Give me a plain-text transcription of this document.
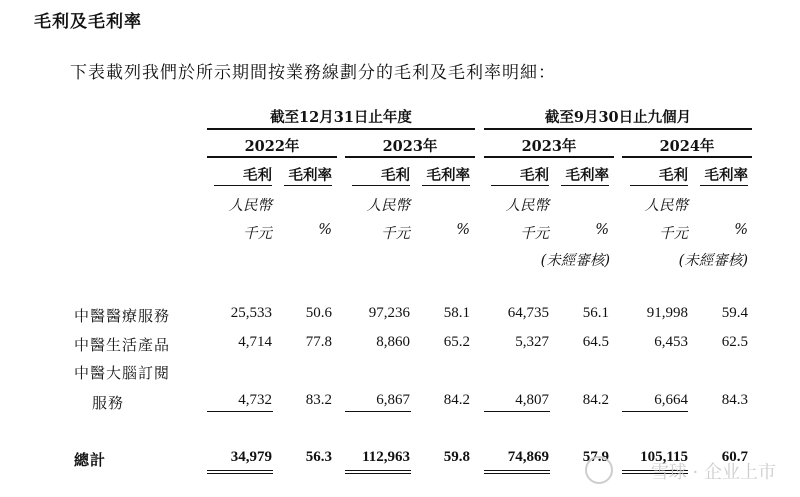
毛利及毛利率
下表載列我們於所示期間按業務線劃分的毛利及毛利率明細：
截至12月31日止年度	截至9月30日止九個月
2022年	2023年	2023年	2024年
毛利	毛利率
人民幣
千元	%
毛利	毛利率
人民幣
千元	%
毛利	毛利率
人民幣
千元	%
毛利	毛利率
人民幣
千元	%
(未經審核)	(未經審核)
中醫醫療服務	25,533	50.6	97,236	58.1	64,735	56.1	91,998	59.4
中醫生活產品	4,714	77.8	8,860	65.2	5,327	64.5	6,453	62.5
中醫大腦訂閱
服務	4,732	83.2	6,867	84.2	4,807	84.2	6,664	84.3
總計	34,979	56.3	112,963	59.8	74,869	57.9	105,115	60.7
雪球 · 企业上市
